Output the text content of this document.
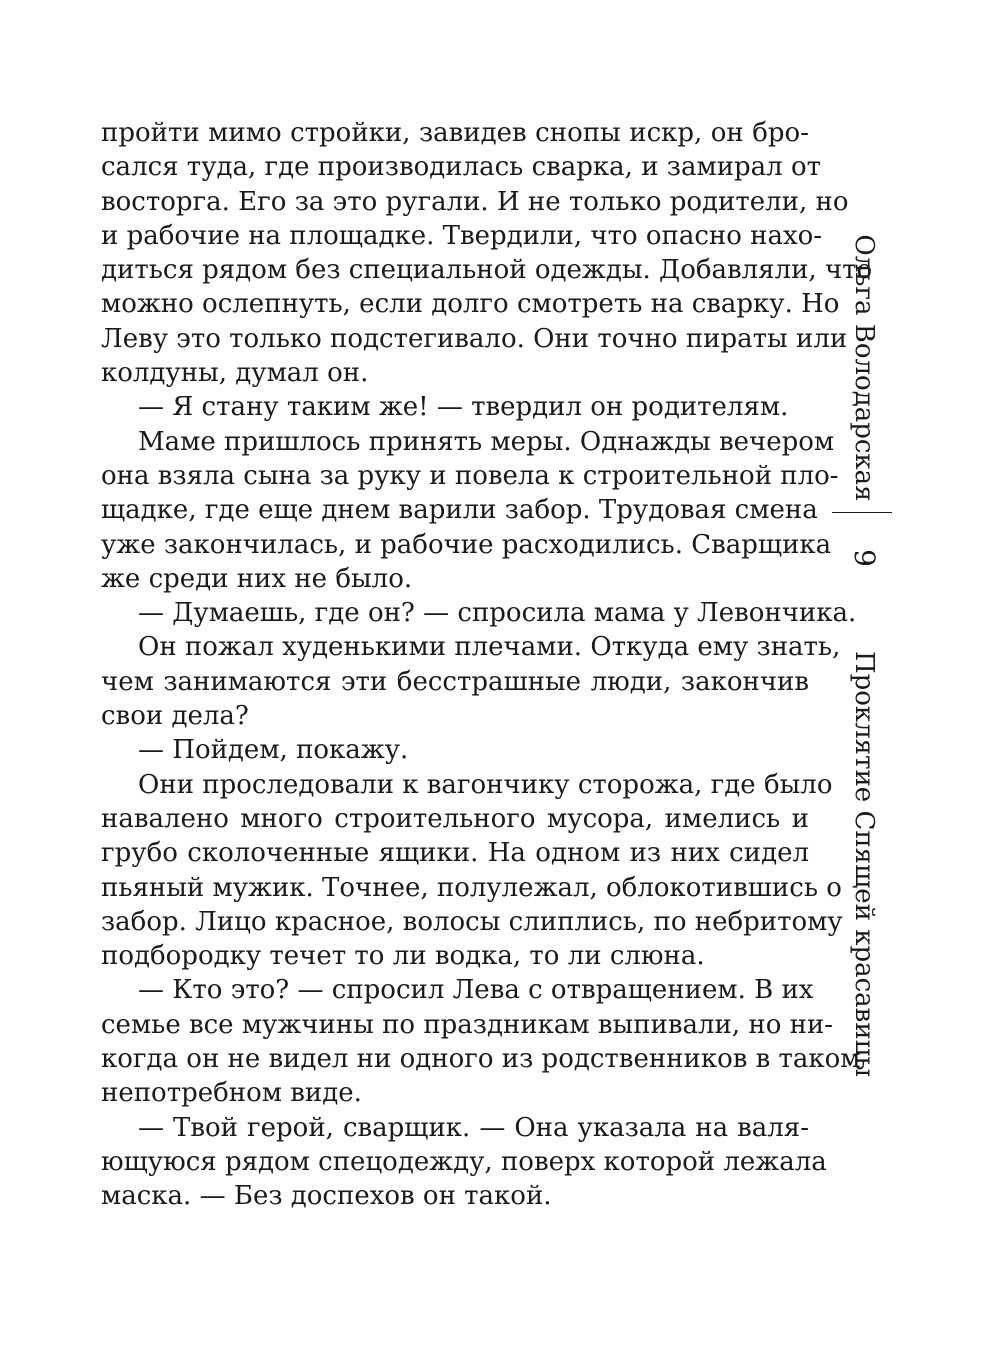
пройти мимо стройки, завидев снопы искр, он бро-
сался туда, где производилась сварка, и замирал от
восторга. Его за это ругали. И не только родители, но
и рабочие на площадке. Твердили, что опасно нахо-
диться рядом без специальной одежды. Добавляли, что
можно ослепнуть, если долго смотреть на сварку. Но
Леву это только подстегивало. Они точно пираты или
колдуны, думал он.
— Я стану таким же! — твердил он родителям.
Маме пришлось принять меры. Однажды вечером
она взяла сына за руку и повела к строительной пло-
щадке, где еще днем варили забор. Трудовая смена
уже закончилась, и рабочие расходились. Сварщика
же среди них не было.
— Думаешь, где он? — спросила мама у Левончика.
Он пожал худенькими плечами. Откуда ему знать,
чем занимаются эти бесстрашные люди, закончив
свои дела?
— Пойдем, покажу.
Они проследовали к вагончику сторожа, где было
навалено много строительного мусора, имелись и
грубо сколоченные ящики. На одном из них сидел
пьяный мужик. Точнее, полулежал, облокотившись о
забор. Лицо красное, волосы слиплись, по небритому
подбородку течет то ли водка, то ли слюна.
— Кто это? — спросил Лева с отвращением. В их
семье все мужчины по праздникам выпивали, но ни-
когда он не видел ни одного из родственников в таком
непотребном виде.
— Твой герой, сварщик. — Она указала на валя-
ющуюся рядом спецодежду, поверх которой лежала
маска. — Без доспехов он такой.
Ольга Володарская
9
Проклятие Спящей красавицы
